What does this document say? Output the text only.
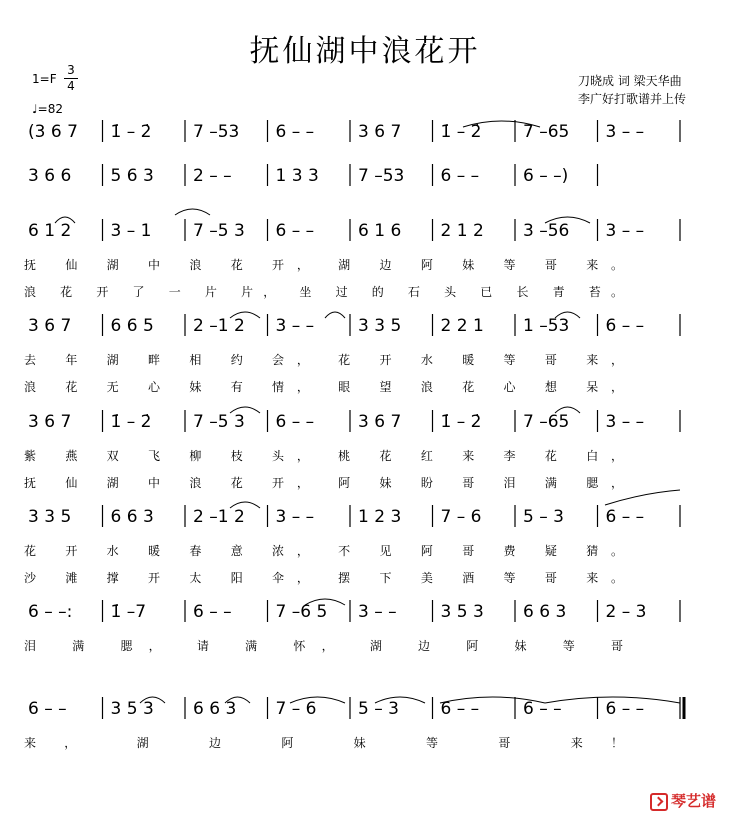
抚仙湖中浪花开
1=F
3
4
♩=82
刀晓成 词 梁天华曲
李广好打歌谱并上传
(3 6 7 1̇ – 2̇ 7 –53 6 – –	3 6 7 1̇ – 2̇ 7 –65 3 – –
3 6 6 5 6 3 2 – –	1 3 3 7 –53 6 – –	6 – –)
6 1 2 3 – 1 7 –5 3 6 – –	6 1 6 2 1 2 3 –56 3 – –
抚 仙 湖 中 浪 花 开， 湖 边 阿 妹 等 哥 来。
浪 花 开 了 一 片 片， 坐 过 的 石 头 已 长 青 苔。
3 6 7 6 6 5 2 –1 2 3 – –	3 3 5 2 2 1 1 –53 6 – –
去 年 湖 畔 相 约 会， 花 开 水 暖 等 哥 来，
浪 花 无 心 妹 有 情， 眼 望 浪 花 心 想 呆，
3 6 7 1̇ – 2̇ 7 –5 3 6 – –	3 6 7 1̇ – 2̇ 7 –65 3 – –
紫 燕 双 飞 柳 枝 头， 桃 花 红 来 李 花 白，
抚 仙 湖 中 浪 花 开， 阿 妹 盼 哥 泪 满 腮，
3 3 5 6 6 3 2 –1 2 3 – –	1 2 3 7 – 6 5 – 3 6 – –
花 开 水 暖 春 意 浓， 不 见 阿 哥 费 疑 猜。
沙 滩 撑 开 太 阳 伞， 摆 下 美 酒 等 哥 来。
6 – –: 1̇ –7	6 – –	7 –6 5 3 – –	3 5 3 6 6 3 2 – 3
泪 满 腮， 请 满 怀， 湖 边 阿 妹 等 哥
6 – –	3 5 3 6 6 3 7 – 6 5 – 3 6 – –	6 – –	6 – –
来， 湖 边 阿 妹 等 哥 来！
琴艺谱
